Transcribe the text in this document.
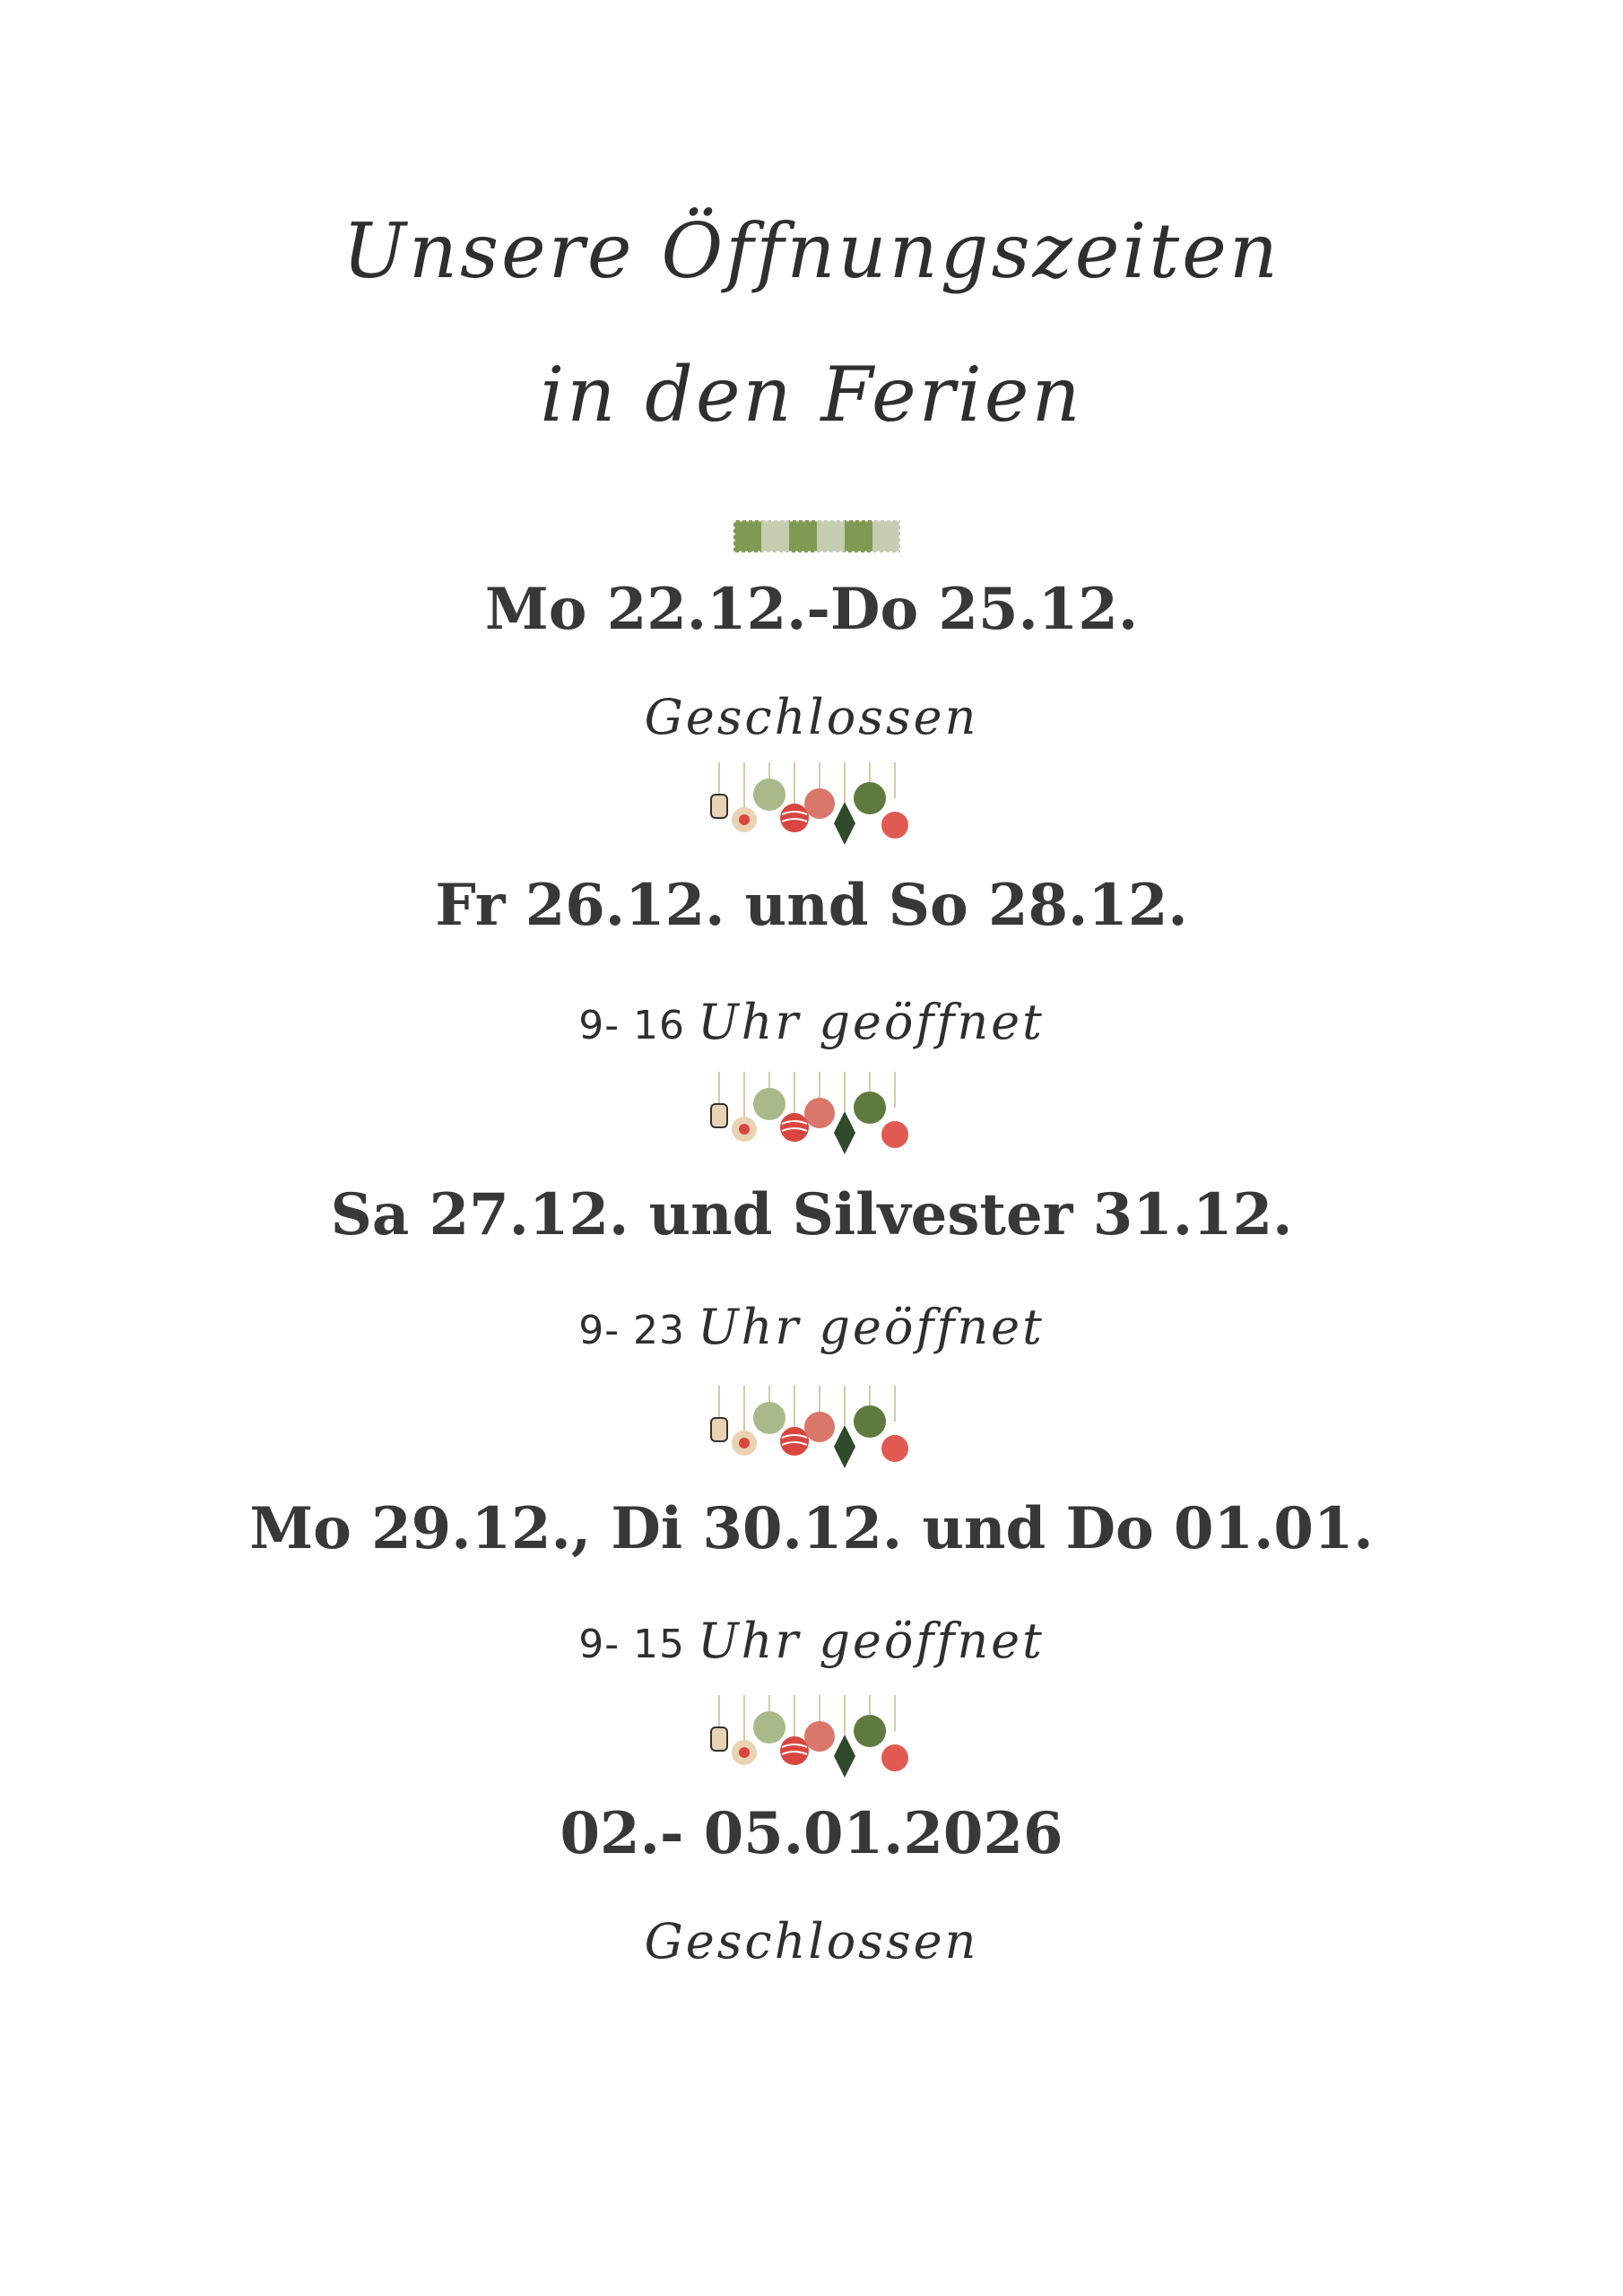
Unsere Öffnungszeiten
in den Ferien
Mo 22.12.-Do 25.12.
Geschlossen
Fr 26.12. und So 28.12.
9- 16 Uhr geöffnet
Sa 27.12. und Silvester 31.12.
9- 23 Uhr geöffnet
Mo 29.12., Di 30.12. und Do 01.01.
9- 15 Uhr geöffnet
02.- 05.01.2026
Geschlossen
